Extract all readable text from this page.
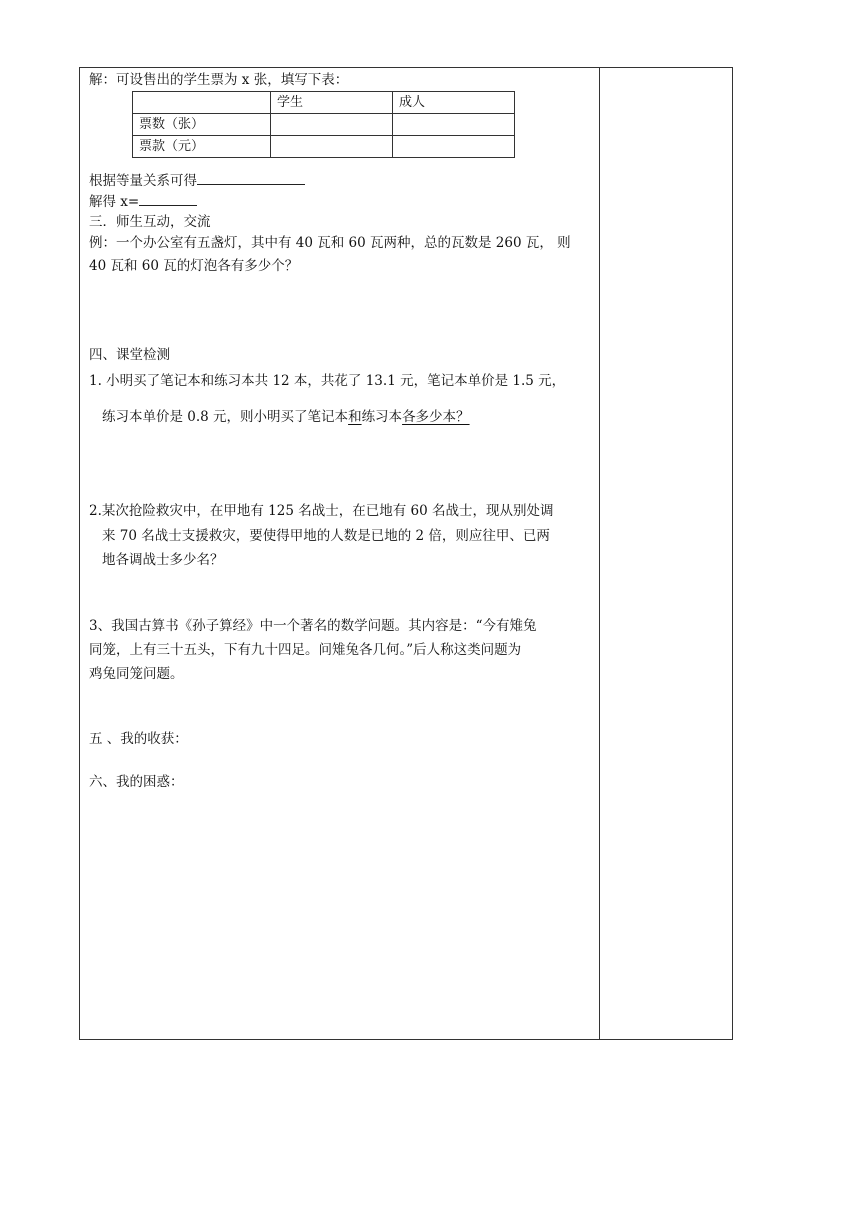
解：可设售出的学生票为 x 张，填写下表：
	学生	成人
票数（张）		
票款（元）		
根据等量关系可得
解得 x=
三．师生互动，交流
例：一个办公室有五盏灯，其中有 40 瓦和 60 瓦两种，总的瓦数是 260 瓦， 则
40 瓦和 60 瓦的灯泡各有多少个？
四、课堂检测
1. 小明买了笔记本和练习本共 12 本，共花了 13.1 元，笔记本单价是 1.5 元，
练习本单价是 0.8 元，则小明买了笔记本和练习本各多少本？
2.某次抢险救灾中，在甲地有 125 名战士，在已地有 60 名战士，现从别处调
来 70 名战士支援救灾，要使得甲地的人数是已地的 2 倍，则应往甲、已两
地各调战士多少名？
3、我国古算书《孙子算经》中一个著名的数学问题。其内容是：“今有雉兔
同笼，上有三十五头，下有九十四足。问雉兔各几何。”后人称这类问题为
鸡兔同笼问题。
五 、我的收获：
六、我的困惑：
